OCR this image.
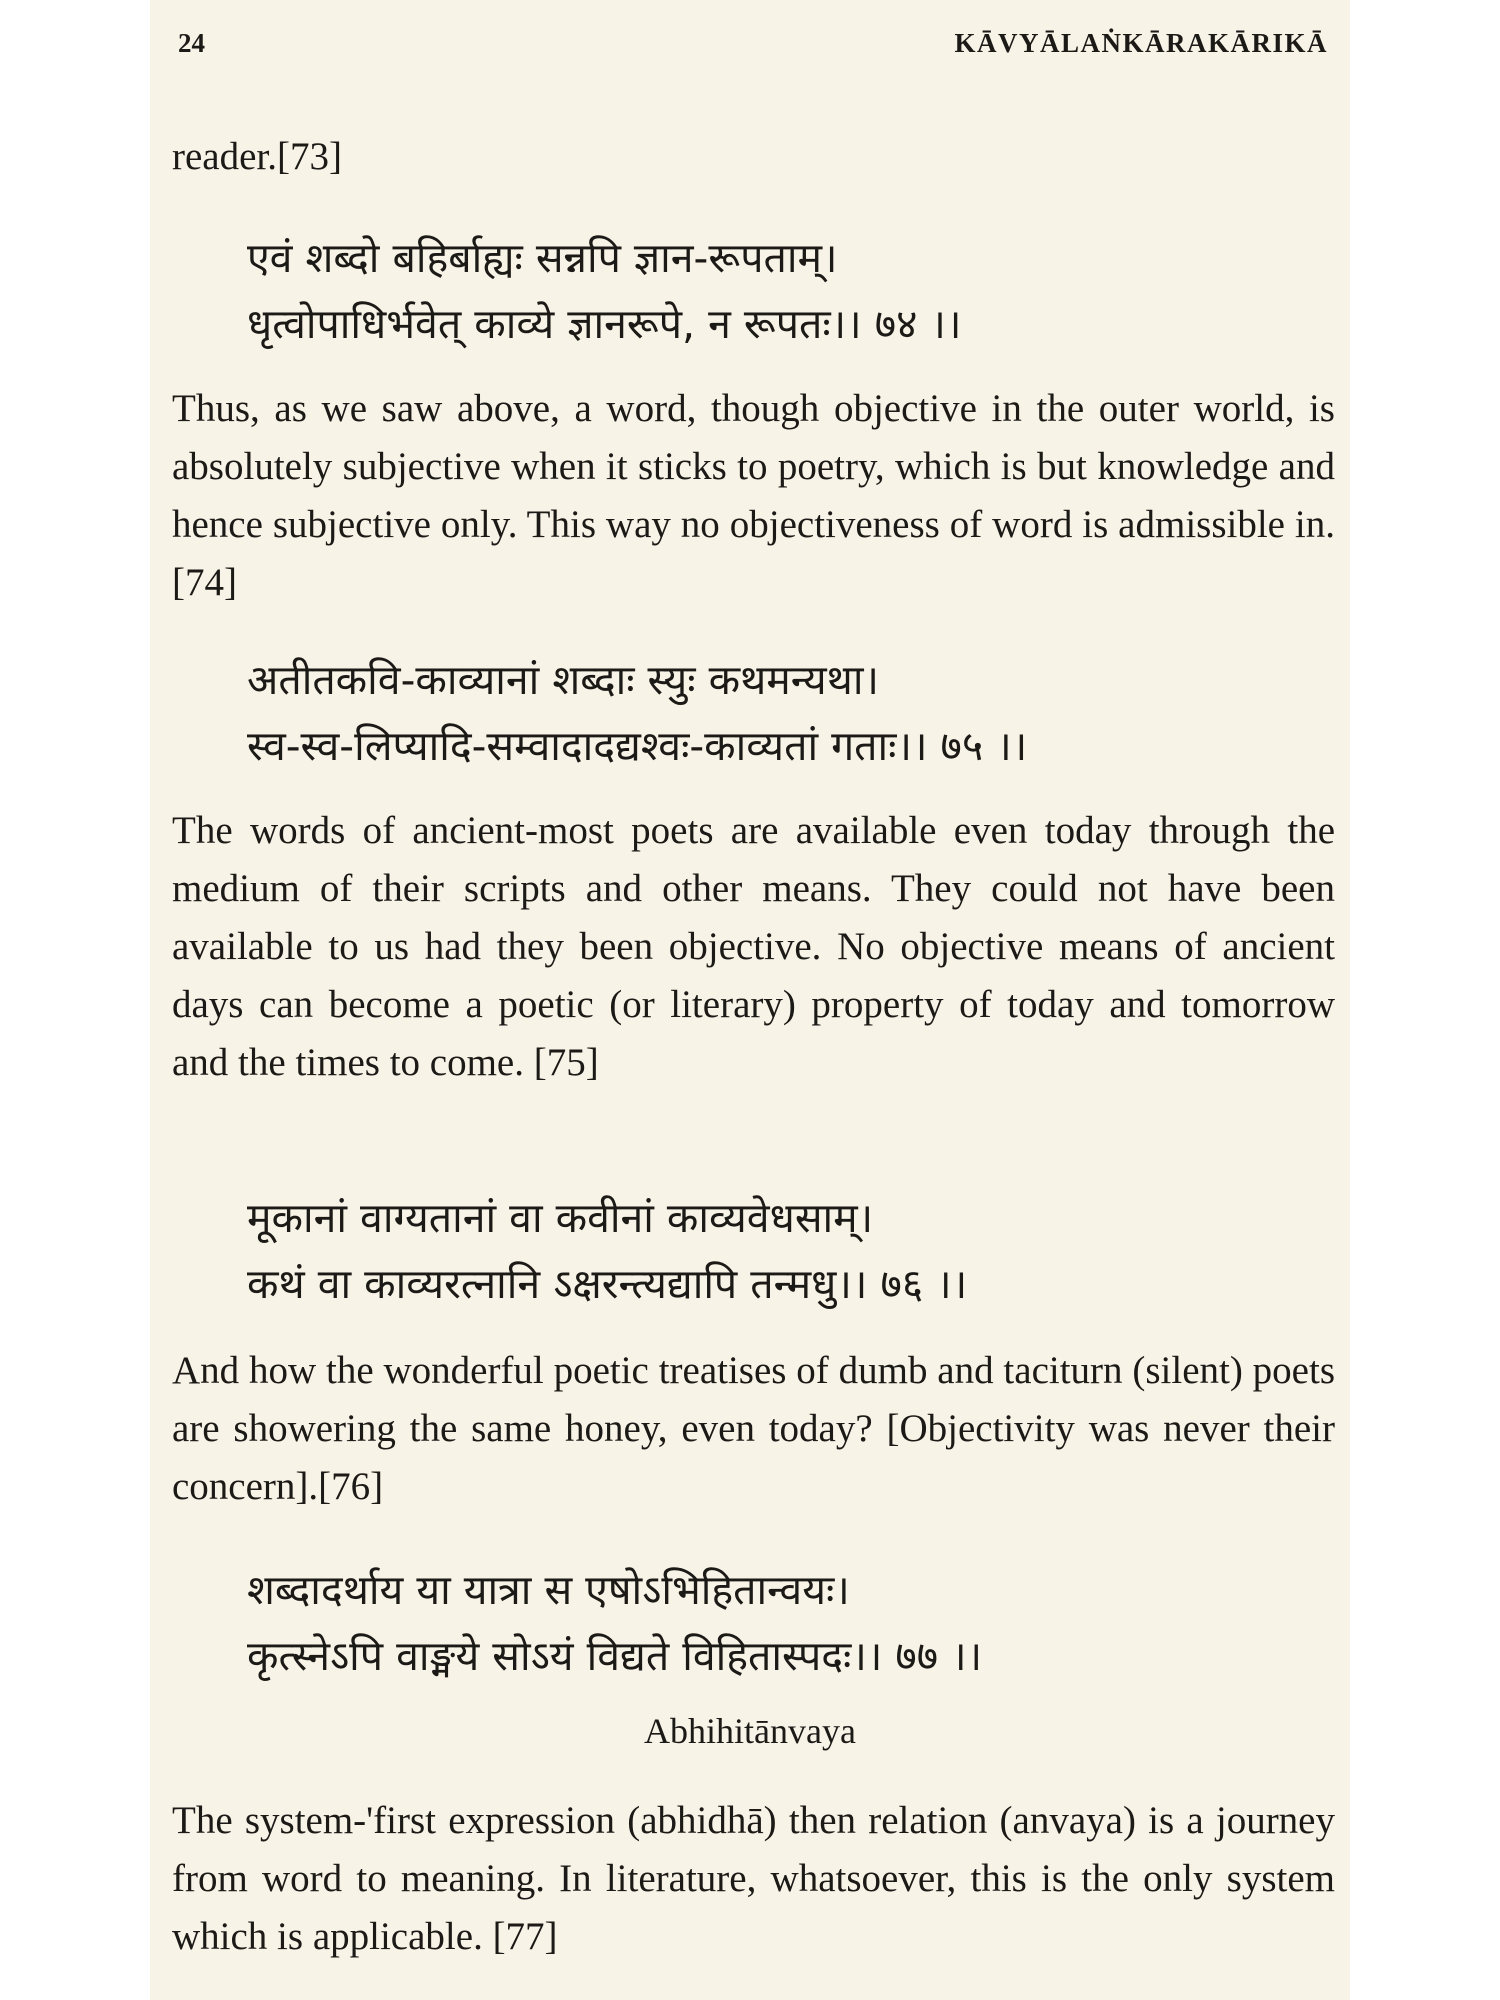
24	KĀVYĀLAṄKĀRAKĀRIKĀ
reader.[73]
एवं शब्दो बहिर्बाह्यः सन्नपि ज्ञान-रूपताम्।
धृत्वोपाधिर्भवेत् काव्ये ज्ञानरूपे, न रूपतः।। ७४ ।।
Thus, as we saw above, a word, though objective in the outer world, is absolutely subjective when it sticks to poetry, which is but knowledge and hence subjective only. This way no objectiveness of word is admissible in. [74]
अतीतकवि-काव्यानां शब्दाः स्युः कथमन्यथा।
स्व-स्व-लिप्यादि-सम्वादादद्यश्वः-काव्यतां गताः।। ७५ ।।
The words of ancient-most poets are available even today through the medium of their scripts and other means. They could not have been available to us had they been objective. No objective means of ancient days can become a poetic (or literary) property of today and tomorrow and the times to come. [75]
मूकानां वाग्यतानां वा कवीनां काव्यवेधसाम्।
कथं वा काव्यरत्नानि ऽक्षरन्त्यद्यापि तन्मधु।। ७६ ।।
And how the wonderful poetic treatises of dumb and taciturn (silent) poets are showering the same honey, even today? [Objectivity was never their concern].[76]
शब्दादर्थाय या यात्रा स एषोऽभिहितान्वयः।
कृत्स्नेऽपि वाङ्मये सोऽयं विद्यते विहितास्पदः।। ७७ ।।
Abhihitānvaya
The system-'first expression (abhidhā) then relation (anvaya) is a journey from word to meaning. In literature, whatsoever, this is the only system which is applicable. [77]
